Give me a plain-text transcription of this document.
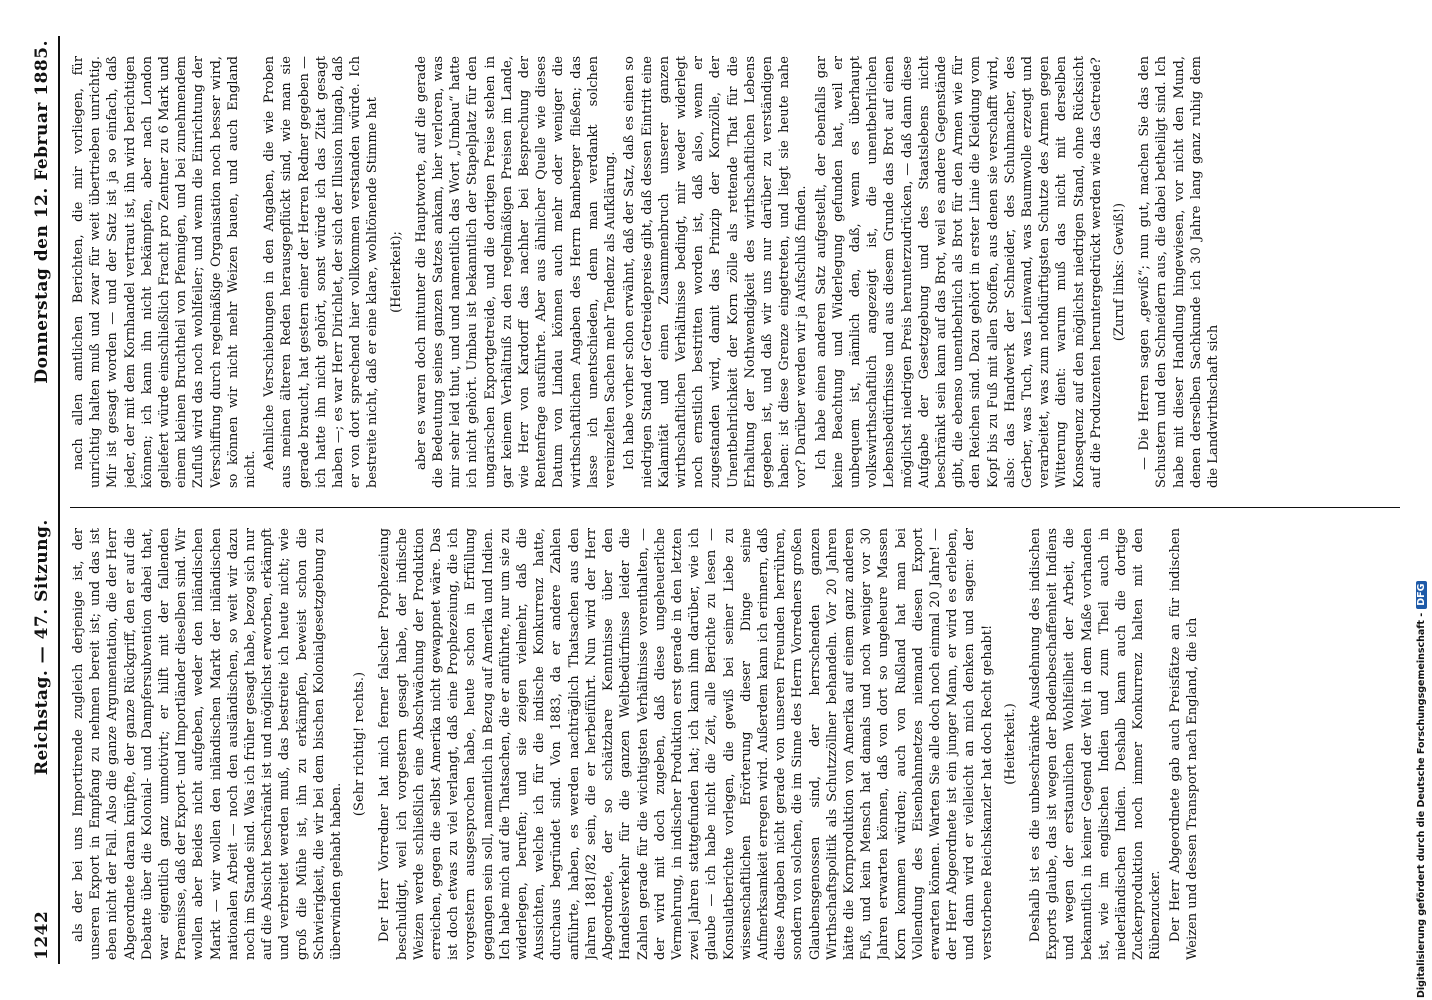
1242
Reichstag. — 47. Sitzung.
Donnerstag den 12. Februar 1885.

als der bei uns Importirende zugleich derjenige ist, der unseren Export in Empfang zu nehmen bereit ist; und das ist eben nicht der Fall. Also die ganze Argumentation, die der Herr Abgeordnete daran knüpfte, der ganze Rückgriff, den er auf die Debatte über die Kolonial- und Dampfersubvention dabei that, war eigentlich ganz unmotivirt; er hilft mit der fallenden Praemisse, daß der Export- und Importländer dieselben sind. Wir wollen aber Beides nicht aufgeben, weder den inländischen Markt — wir wollen den inländischen Markt der inländischen nationalen Arbeit — noch den ausländischen, so weit wir dazu noch im Stande sind. Was ich früher gesagt habe, bezog sich nur auf die Absicht beschränkt ist und möglichst erworben, erkämpft und verbreitet werden muß, das bestreite ich heute nicht; wie groß die Mühe ist, ihn zu erkämpfen, beweist schon die Schwierigkeit, die wir bei dem bischen Kolonialgesetzgebung zu überwinden gehabt haben.

(Sehr richtig! rechts.) Der Herr Vorredner hat mich ferner falscher Prophezeiung beschuldigt, weil ich vorgestern gesagt habe, der indische Weizen werde schließlich eine Abschwächung der Produktion erreichen, gegen die selbst Amerika nicht gewappnet wäre. Das ist doch etwas zu viel verlangt, daß eine Prophezeiung, die ich vorgestern ausgesprochen habe, heute schon in Erfüllung gegangen sein soll, namentlich in Bezug auf Amerika und Indien. Ich habe mich auf die Thatsachen, die er anführte, nur um sie zu widerlegen, berufen; und sie zeigen vielmehr, daß die Aussichten, welche ich für die indische Konkurrenz hatte, durchaus begründet sind. Von 1883, da er andere Zahlen anführte, haben, es werden nachträglich Thatsachen aus den Jahren 1881/82 sein, die er herbeiführt. Nun wird der Herr Abgeordnete, der so schätzbare Kenntnisse über den Handelsverkehr für die ganzen Weltbedürfnisse leider die Zahlen gerade für die wichtigsten Verhältnisse vorenthalten, — der wird mit doch zugeben, daß diese ungeheuerliche Vermehrung, in indischer Produktion erst gerade in den letzten zwei Jahren stattgefunden hat; ich kann ihm darüber, wie ich glaube — ich habe nicht die Zeit, alle Berichte zu lesen — Konsulatberichte vorlegen, die gewiß bei seiner Liebe zu wissenschaftlichen Erörterung dieser Dinge seine Aufmerksamkeit erregen wird. Außerdem kann ich erinnern, daß diese Angaben nicht gerade von unseren Freunden herrühren, sondern von solchen, die im Sinne des Herrn Vorredners großen Glaubensgenossen sind, der herrschenden ganzen Wirthschaftspolitik als Schutzzöllner behandeln. Vor 20 Jahren hätte die Kornproduktion von Amerika auf einem ganz anderen Fuß, und kein Mensch hat damals und noch weniger vor 30 Jahren erwarten können, daß von dort so ungeheure Massen Korn kommen würden; auch von Rußland hat man bei Vollendung des Eisenbahnnetzes niemand diesen Export erwarten können. Warten Sie alle doch noch einmal 20 Jahre! — der Herr Abgeordnete ist ein junger Mann, er wird es erleben, und dann wird er vielleicht an mich denken und sagen: der verstorbene Reichskanzler hat doch Recht gehabt! (Heiterkeit.) Deshalb ist es die unbeschränkte Ausdehnung des indischen Exports glaube, das ist wegen der Bodenbeschaffenheit Indiens und wegen der erstaunlichen Wohlfeilheit der Arbeit, die bekanntlich in keiner Gegend der Welt in dem Maße vorhanden ist, wie im englischen Indien und zum Theil auch in niederländischen Indien. Deshalb kann auch die dortige Zuckerproduktion noch immer Konkurrenz halten mit den Rübenzucker. Der Herr Abgeordnete gab auch Preisfätze an für indischen Weizen und dessen Transport nach England, die ich

nach allen amtlichen Berichten, die mir vorliegen, für unrichtig halten muß und zwar für weit übertrieben unrichtig. Mir ist gesagt worden — und der Satz ist ja so einfach, daß jeder, der mit dem Kornhandel vertraut ist, ihn wird berichtigen können; ich kann ihn nicht bekämpfen, aber nach London geliefert würde einschließlich Fracht pro Zentner zu 6 Mark und einem kleinen Bruchtheil von Pfennigen, und bei zunehmendem Zufluß wird das noch wohlfeiler; und wenn die Einrichtung der Verschiffung durch regelmäßige Organisation noch besser wird, so können wir nicht mehr Weizen bauen, und auch England nicht. Aehnliche Verschiebungen in den Angaben, die wie Proben aus meinen älteren Reden herausgepflückt sind, wie man sie gerade braucht, hat gestern einer der Herren Redner gegeben — ich hatte ihn nicht gehört, sonst würde ich das Zitat gesagt haben —; es war Herr Dirichlet, der sich der Illusion hingab, daß er von dort sprechend hier vollkommen verstanden würde. Ich bestreite nicht, daß er eine klare, wohltönende Stimme hat (Heiterkeit); aber es waren doch mitunter die Hauptworte, auf die gerade die Bedeutung seines ganzen Satzes ankam, hier verloren, was mir sehr leid thut, und und namentlich das Wort „Umbau“ hatte ich nicht gehört. Umbau ist bekanntlich der Stapelplatz für den ungarischen Exportgetreide, und die dortigen Preise stehen in gar keinem Verhältniß zu den regelmäßigen Preisen im Lande, wie Herr von Kardorff das nachher bei Besprechung der Rentenfrage ausführte. Aber aus ähnlicher Quelle wie dieses Datum von Lindau können auch mehr oder weniger die wirthschaftlichen Angaben des Herrn Bamberger fließen; das lasse ich unentschieden, denn man verdankt solchen vereinzelten Sachen mehr Tendenz als Aufklärung. Ich habe vorher schon erwähnt, daß der Satz, daß es einen so niedrigen Stand der Getreidepreise gibt, daß dessen Eintritt eine Kalamität und einen Zusammenbruch unserer ganzen wirthschaftlichen Verhältnisse bedingt, mir weder widerlegt noch ernstlich bestritten worden ist, daß also, wenn er zugestanden wird, damit das Prinzip der Kornzölle, der Unentbehrlichkeit der Korn zölle als rettende That für die Erhaltung der Nothwendigkeit des wirthschaftlichen Lebens gegeben ist, und daß wir uns nur darüber zu verständigen haben: ist diese Grenze eingetreten, und liegt sie heute nahe vor? Darüber werden wir ja Aufschluß finden. Ich habe einen anderen Satz aufgestellt, der ebenfalls gar keine Beachtung und Widerlegung gefunden hat, weil er unbequem ist, nämlich den, daß, wenn es überhaupt volkswirthschaftlich angezeigt ist, die unentbehrlichen Lebensbedürfnisse und aus diesem Grunde das Brot auf einen möglichst niedrigen Preis herunterzudrücken, — daß dann diese Aufgabe der Gesetzgebung und des Staatslebens nicht beschränkt sein kann auf das Brot, weil es andere Gegenstände gibt, die ebenso unentbehrlich als Brot für den Armen wie für den Reichen sind. Dazu gehört in erster Linie die Kleidung vom Kopf bis zu Fuß mit allen Stoffen, aus denen sie verschafft wird, also: das Handwerk der Schneider, des Schuhmacher, des Gerber, was Tuch, was Leinwand, was Baumwolle erzeugt und verarbeitet, was zum nothdürftigsten Schutze des Armen gegen Witterung dient: warum muß das nicht mit derselben Konsequenz auf den möglichst niedrigen Stand, ohne Rücksicht auf die Produzenten heruntergedrückt werden wie das Getreide? (Zuruf links: Gewiß!) — Die Herren sagen „gewiß“; nun gut, machen Sie das den Schustern und den Schneidern aus, die dabei betheiligt sind. Ich habe mit dieser Handlung hingewiesen, vor nicht den Mund, denen derselben Sachkunde ich 30 Jahre lang ganz ruhig dem die Landwirthschaft sich

Digitalisierung gefördert durch die Deutsche Forschungsgemeinschaft -DFG
